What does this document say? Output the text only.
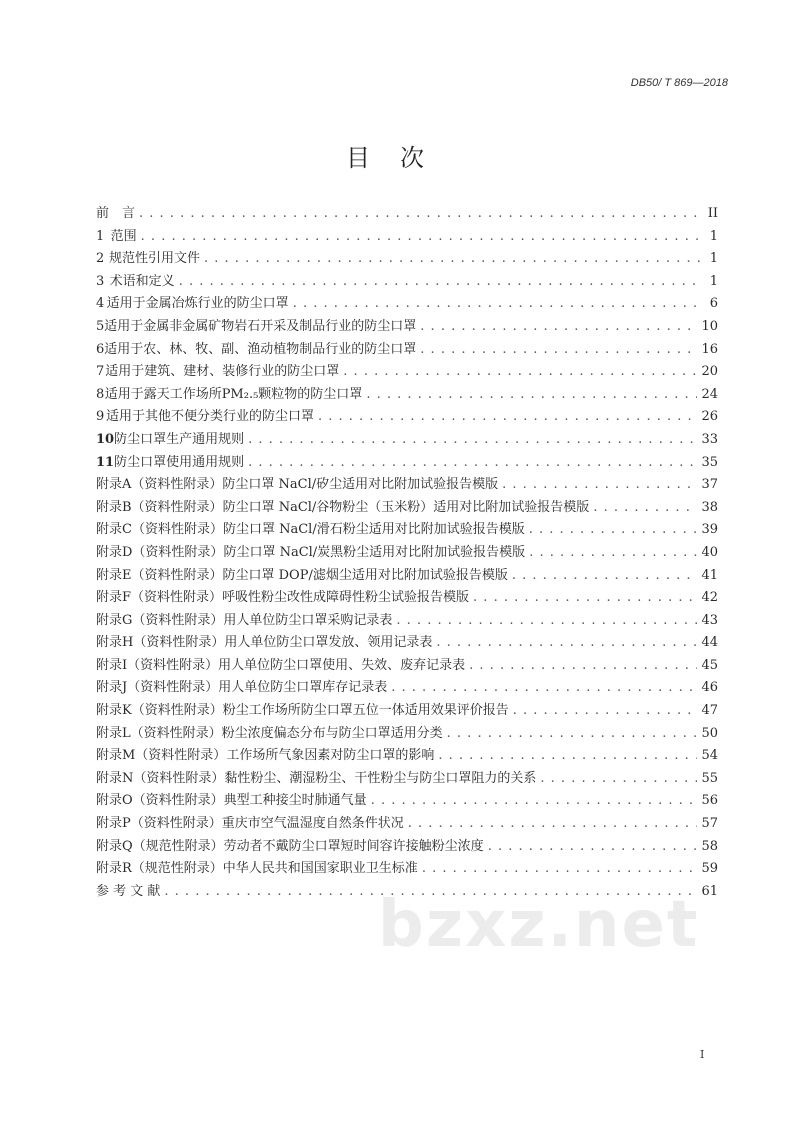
DB50/ T 869—2018
目次
前　言 . . .	II
1 范围 . . .	1
2 规范性引用文件 . . .	1
3 术语和定义 . . .	1
4 适用于金属冶炼行业的防尘口罩 . . .	6
5 适用于金属非金属矿物岩石开采及制品行业的防尘口罩 . . .	10
6 适用于农、林、牧、副、渔动植物制品行业的防尘口罩 . . .	16
7 适用于建筑、建材、装修行业的防尘口罩 . . .	20
8 适用于露天工作场所PM₂.₅颗粒物的防尘口罩 . . .	24
9 适用于其他不便分类行业的防尘口罩 . . .	26
10 防尘口罩生产通用规则 . . .	33
11 防尘口罩使用通用规则 . . .	35
附录A（资料性附录） 防尘口罩 NaCl/矽尘适用对比附加试验报告模版 . . .	37
附录B（资料性附录） 防尘口罩 NaCl/谷物粉尘（玉米粉）适用对比附加试验报告模版 . . .	38
附录C（资料性附录） 防尘口罩 NaCl/滑石粉尘适用对比附加试验报告模版 . . .	39
附录D（资料性附录） 防尘口罩 NaCl/炭黑粉尘适用对比附加试验报告模版 . . .	40
附录E（资料性附录） 防尘口罩 DOP/滤烟尘适用对比附加试验报告模版 . . .	41
附录F（资料性附录） 呼吸性粉尘改性成障碍性粉尘试验报告模版 . . .	42
附录G（资料性附录） 用人单位防尘口罩采购记录表 . . .	43
附录H（资料性附录） 用人单位防尘口罩发放、领用记录表 . . .	44
附录I（资料性附录） 用人单位防尘口罩使用、失效、废弃记录表 . . .	45
附录J（资料性附录） 用人单位防尘口罩库存记录表 . . .	46
附录K（资料性附录） 粉尘工作场所防尘口罩五位一体适用效果评价报告 . . .	47
附录L（资料性附录） 粉尘浓度偏态分布与防尘口罩适用分类 . . .	50
附录M（资料性附录） 工作场所气象因素对防尘口罩的影响 . . .	54
附录N（资料性附录） 黏性粉尘、潮湿粉尘、干性粉尘与防尘口罩阻力的关系 . . .	55
附录O（资料性附录） 典型工种接尘时肺通气量 . . .	56
附录P（资料性附录） 重庆市空气温湿度自然条件状况 . . .	57
附录Q（规范性附录） 劳动者不戴防尘口罩短时间容许接触粉尘浓度 . . .	58
附录R（规范性附录） 中华人民共和国国家职业卫生标准 . . .	59
参 考 文 献 . . .	61
bzxz.net
I
